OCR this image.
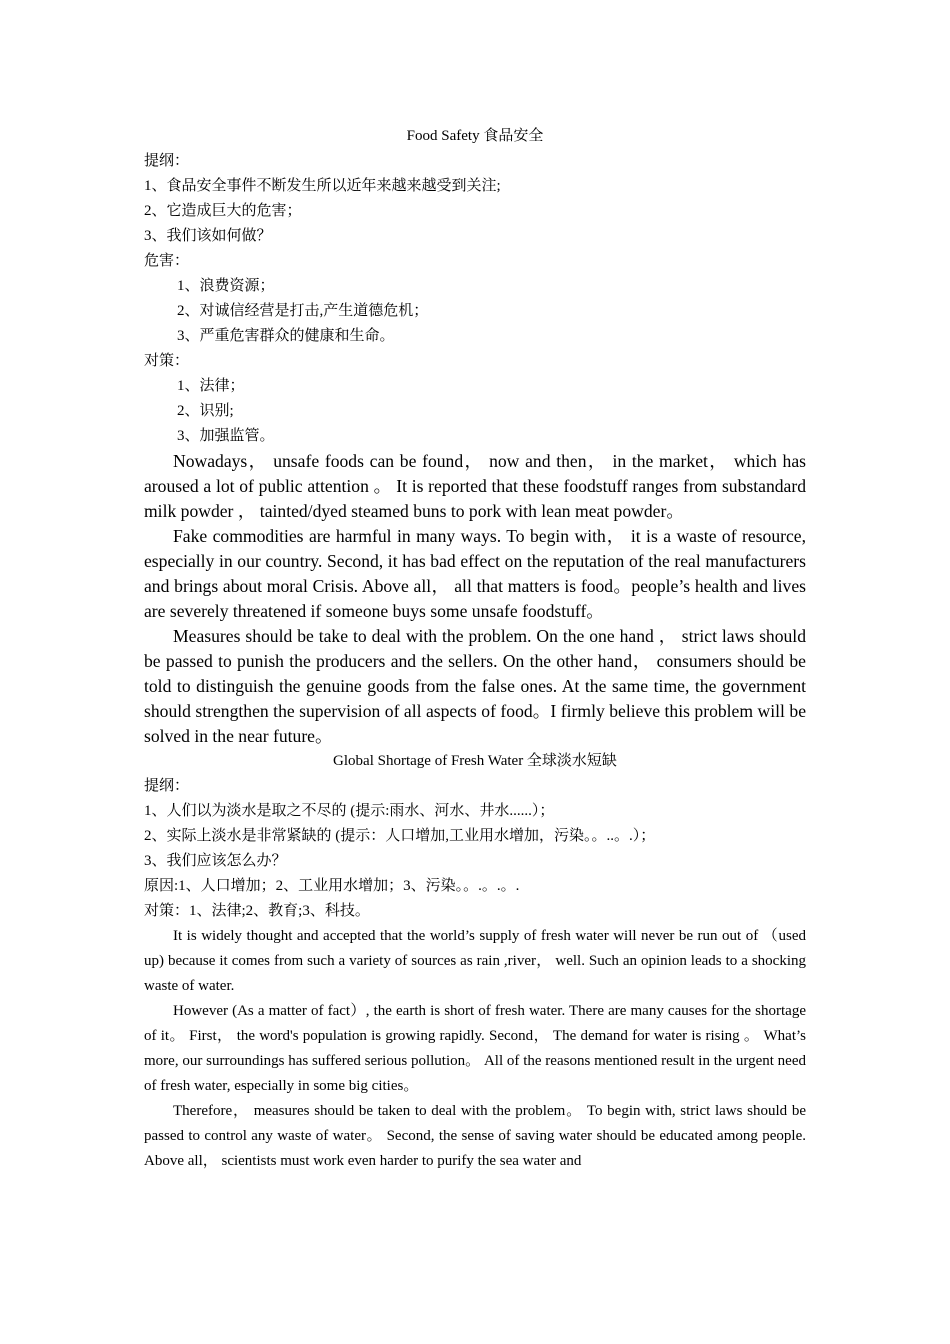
Food Safety 食品安全
提纲：
1、食品安全事件不断发生所以近年来越来越受到关注;
2、它造成巨大的危害；
3、我们该如何做？
危害：
1、浪费资源；
2、对诚信经营是打击,产生道德危机；
3、严重危害群众的健康和生命。
对策：
1、法律；
2、识别;
3、加强监管。
Nowadays， unsafe foods can be found， now and then， in the market， which has aroused a lot of public attention 。 It is reported that these foodstuff ranges from substandard milk powder ， tainted/dyed steamed buns to pork with lean meat powder。
Fake commodities are harmful in many ways. To begin with， it is a waste of resource, especially in our country. Second, it has bad effect on the reputation of the real manufacturers and brings about moral Crisis. Above all， all that matters is food。people’s health and lives are severely threatened if someone buys some unsafe foodstuff。
Measures should be take to deal with the problem. On the one hand ， strict laws should be passed to punish the producers and the sellers. On the other hand， consumers should be told to distinguish the genuine goods from the false ones. At the same time, the government should strengthen the supervision of all aspects of food。I firmly believe this problem will be solved in the near future。
Global Shortage of Fresh Water 全球淡水短缺
提纲：
1、人们以为淡水是取之不尽的 (提示:雨水、河水、井水......）；
2、实际上淡水是非常紧缺的 (提示：人口增加,工业用水增加，污染。。..。.）；
3、我们应该怎么办？
原因:1、人口增加；2、工业用水增加；3、污染。。.。.。.
对策：1、法律;2、教育;3、科技。
It is widely thought and accepted that the world’s supply of fresh water will never be run out of （used up) because it comes from such a variety of sources as rain ,river， well. Such an opinion leads to a shocking waste of water.
However (As a matter of fact）, the earth is short of fresh water. There are many causes for the shortage of it。 First， the word's population is growing rapidly. Second， The demand for water is rising 。 What’s more, our surroundings has suffered serious pollution。 All of the reasons mentioned result in the urgent need of fresh water, especially in some big cities。
Therefore， measures should be taken to deal with the problem。 To begin with, strict laws should be passed to control any waste of water。 Second, the sense of saving water should be educated among people. Above all， scientists must work even harder to purify the sea water and
